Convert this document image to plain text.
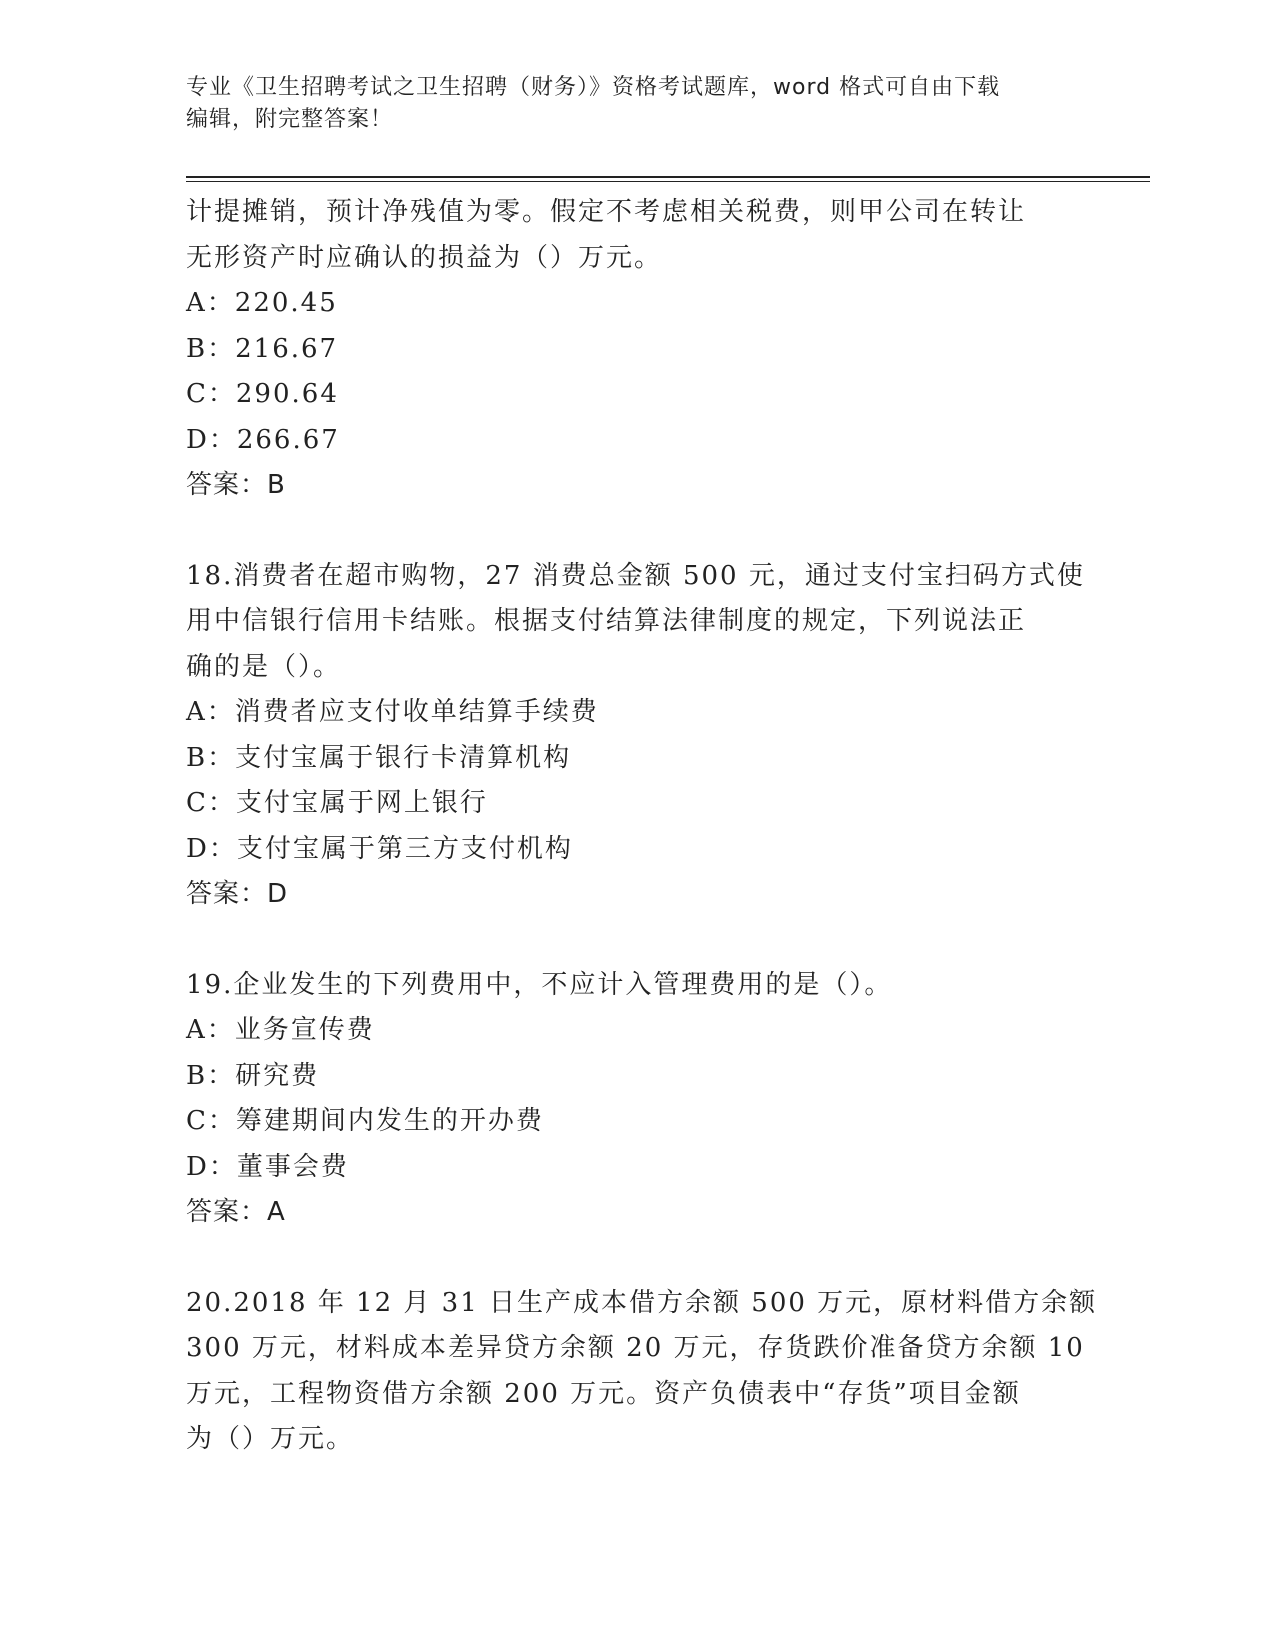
专业《卫生招聘考试之卫生招聘（财务）》资格考试题库，word 格式可自由下载
编辑，附完整答案！
计提摊销，预计净残值为零。假定不考虑相关税费，则甲公司在转让
无形资产时应确认的损益为（）万元。
A：220.45
B：216.67
C：290.64
D：266.67
答案：B
18.消费者在超市购物，27 消费总金额 500 元，通过支付宝扫码方式使
用中信银行信用卡结账。根据支付结算法律制度的规定，下列说法正
确的是（）。
A：消费者应支付收单结算手续费
B：支付宝属于银行卡清算机构
C：支付宝属于网上银行
D：支付宝属于第三方支付机构
答案：D
19.企业发生的下列费用中，不应计入管理费用的是（）。
A：业务宣传费
B：研究费
C：筹建期间内发生的开办费
D：董事会费
答案：A
20.2018 年 12 月 31 日生产成本借方余额 500 万元，原材料借方余额
300 万元，材料成本差异贷方余额 20 万元，存货跌价准备贷方余额 10
万元，工程物资借方余额 200 万元。资产负债表中“存货”项目金额
为（）万元。
